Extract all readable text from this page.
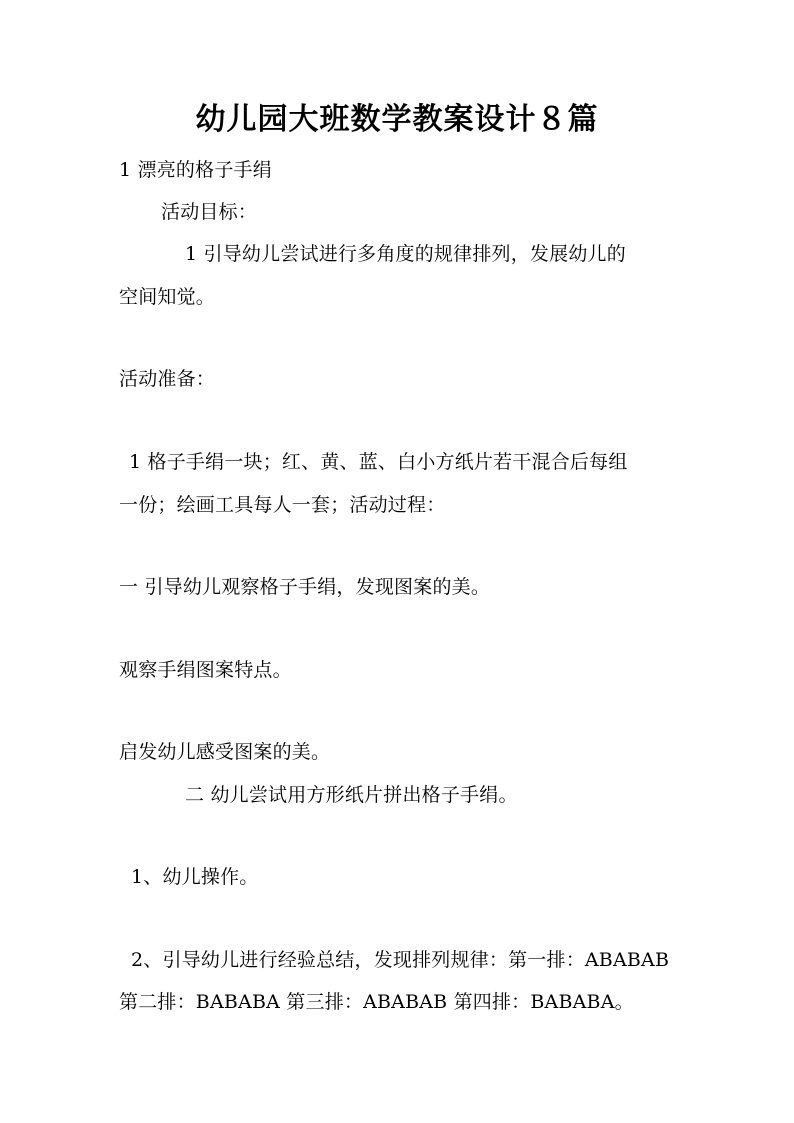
幼儿园大班数学教案设计８篇
1 漂亮的格子手绢
活动目标：
1 引导幼儿尝试进行多角度的规律排列，发展幼儿的
空间知觉。
活动准备：
1 格子手绢一块；红、黄、蓝、白小方纸片若干混合后每组
一份；绘画工具每人一套；活动过程：
一 引导幼儿观察格子手绢，发现图案的美。
观察手绢图案特点。
启发幼儿感受图案的美。
二 幼儿尝试用方形纸片拼出格子手绢。
1、幼儿操作。
2、引导幼儿进行经验总结，发现排列规律：第一排：ABABAB
第二排：BABABA 第三排：ABABAB 第四排：BABABA。
